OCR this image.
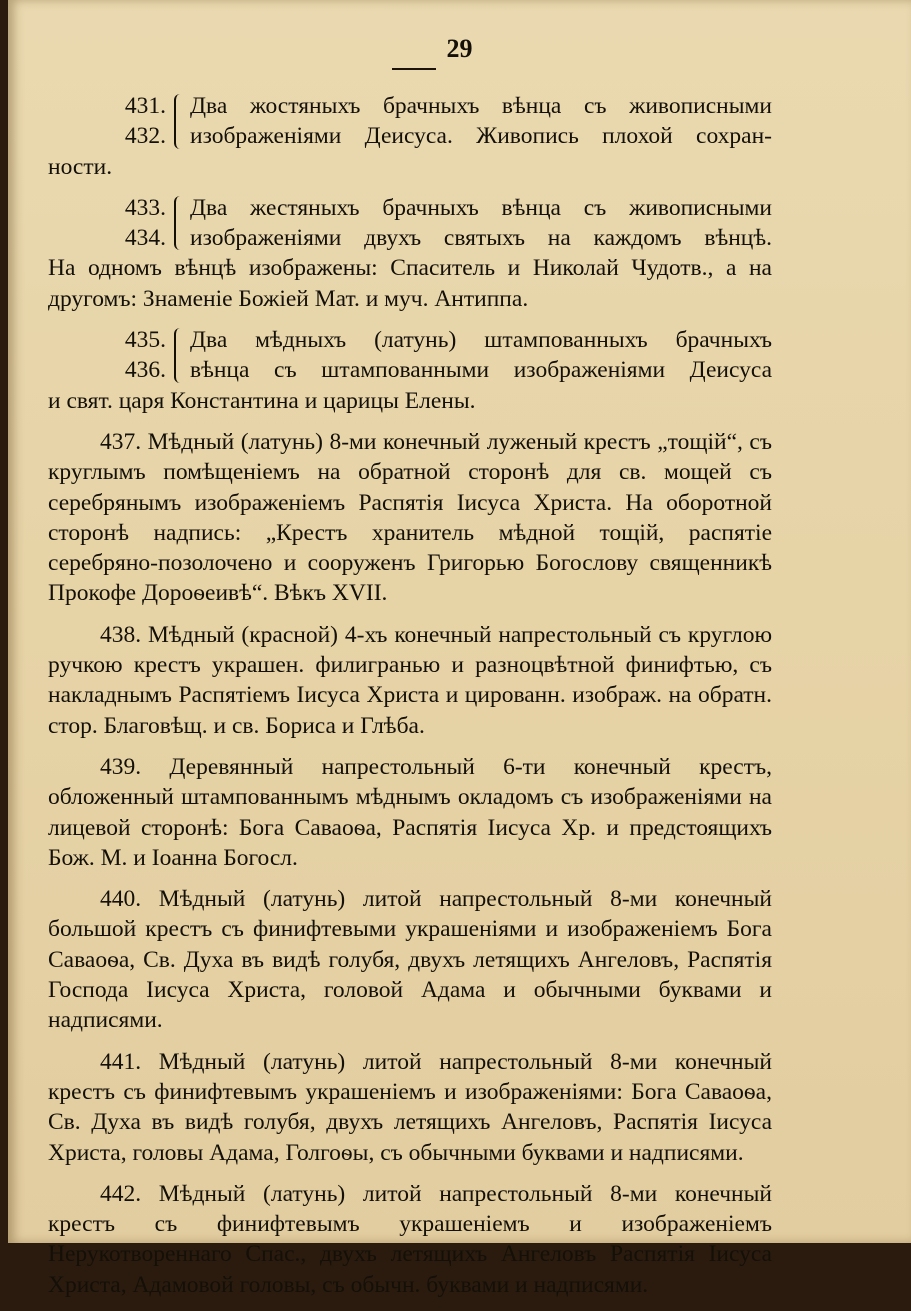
29
431.
432.
Два жостяныхъ брачныхъ вѣнца съ живописными
изображеніями Деисуса. Живопись плохой сохран-
ности.
433.
434.
Два жестяныхъ брачныхъ вѣнца съ живописными
изображеніями двухъ святыхъ на каждомъ вѣнцѣ.
На одномъ вѣнцѣ изображены: Спаситель и Николай Чудотв., а на другомъ: Знаменіе Божіей Мат. и муч. Антиппа.
435.
436.
Два мѣдныхъ (латунь) штампованныхъ брачныхъ
вѣнца съ штампованными изображеніями Деисуса
и свят. царя Константина и царицы Елены.

437. Мѣдный (латунь) 8-ми конечный луженый крестъ „тощій“, съ круглымъ помѣщеніемъ на обратной сторонѣ для св. мощей съ серебрянымъ изображеніемъ Распятія Іисуса Христа. На оборотной сторонѣ надпись: „Крестъ хранитель мѣдной тощій, распятіе серебряно-позолочено и сооруженъ Григорью Богослову священникѣ Прокофе Дороѳеивѣ“. Вѣкъ XVII.

438. Мѣдный (красной) 4-хъ конечный напрестольный съ круглою ручкою крестъ украшен. филигранью и разноцвѣтной финифтью, съ накладнымъ Распятіемъ Іисуса Христа и цированн. изображ. на обратн. стор. Благовѣщ. и св. Бориса и Глѣба.

439. Деревянный напрестольный 6-ти конечный крестъ, обложенный штампованнымъ мѣднымъ окладомъ съ изображеніями на лицевой сторонѣ: Бога Саваоѳа, Распятія Іисуса Хр. и предстоящихъ Бож. М. и Іоанна Богосл.

440. Мѣдный (латунь) литой напрестольный 8-ми конечный большой крестъ съ финифтевыми украшеніями и изображеніемъ Бога Саваоѳа, Св. Духа въ видѣ голубя, двухъ летящихъ Ангеловъ, Распятія Господа Іисуса Христа, головой Адама и обычными буквами и надписями.

441. Мѣдный (латунь) литой напрестольный 8-ми конечный крестъ съ финифтевымъ украшеніемъ и изображеніями: Бога Саваоѳа, Св. Духа въ видѣ голубя, двухъ летящихъ Ангеловъ, Распятія Іисуса Христа, головы Адама, Голгоѳы, съ обычными буквами и надписями.

442. Мѣдный (латунь) литой напрестольный 8-ми конечный крестъ съ финифтевымъ украшеніемъ и изображеніемъ Нерукотвореннаго Спас., двухъ летящихъ Ангеловъ Распятія Іисуса Христа, Адамовой головы, съ обычн. буквами и надписями.
